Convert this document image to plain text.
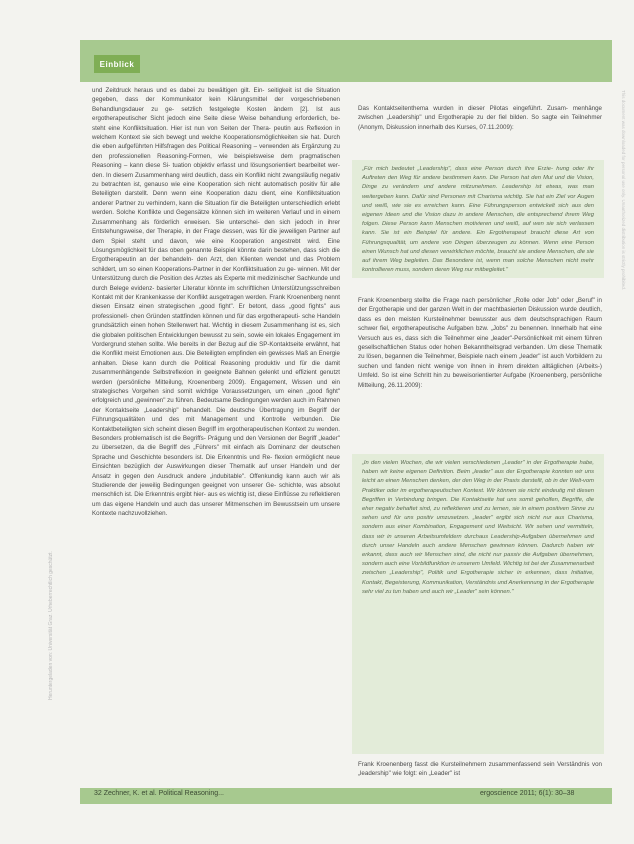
Einblick
Heruntergeladen von: Universität Graz. Urheberrechtlich geschützt.
This document was downloaded for personal use only. Unauthorized distribution is strictly prohibited.

und Zeitdruck heraus und es dabei zu bewältigen gilt. Ein- seitigkeit ist die Situation gegeben, dass der Kommunikator kein Klärungsmittel der vorgeschriebenen Behandlungsdauer zu ge- setzlich festgelegte Kosten ändern [2]. Ist aus ergotherapeutischer Sicht jedoch eine Seite diese Weise behandlung erforderlich, be- steht eine Konfliktsituation. Hier ist nun von Seiten der Thera- peutin aus Reflexion in welchem Kontext sie sich bewegt und welche Kooperationsmöglichkeiten sie hat. Durch die eben aufgeführten Hilfsfragen des Political Reasoning – verwenden als Ergänzung zu den professionellen Reasoning-Formen, wie beispielsweise dem pragmatischen Reasoning – kann diese Si- tuation objektiv erfasst und lösungsorientiert bearbeitet wer- den. In diesem Zusammenhang wird deutlich, dass ein Konflikt nicht zwangsläufig negativ zu betrachten ist, genauso wie eine Kooperation sich nicht automatisch positiv für alle Beteiligten darstellt. Denn wenn eine Kooperation dazu dient, eine Konfliktsituation anderer Partner zu verhindern, kann die Situation für die Beteiligten unterschiedlich erlebt werden. Solche Konflikte und Gegensätze können sich im weiteren Verlauf und in einem Zusammenhang als förderlich erweisen. Sie unterschei- den sich jedoch in ihrer Entstehungsweise, der Therapie, in der Frage dessen, was für die jeweiligen Partner auf dem Spiel steht und davon, wie eine Kooperation angestrebt wird. Eine Lösungsmöglichkeit für das oben genannte Beispiel könnte darin bestehen, dass sich die Ergotherapeutin an der behandeln- den Arzt, den Klienten wendet und das Problem schildert, um so einen Kooperations-Partner in der Konfliktsituation zu ge- winnen. Mit der Unterstützung durch die Position des Arztes als Experte mit medizinischer Sachkunde und durch Belege evidenz- basierter Literatur könnte im schriftlichen Unterstützungsschreiben Kontakt mit der Krankenkasse der Konflikt ausgetragen werden. Frank Kroenenberg nennt diesen Einsatz einen strategischen „good fight". Er betont, dass „good fights" aus professionell- chen Gründen stattfinden können und für das ergotherapeuti- sche Handeln grundsätzlich einen hohen Stellenwert hat. Wichtig in diesem Zusammenhang ist es, sich die globalen politischen Entwicklungen bewusst zu sein, sowie ein lokales Engagement im Vordergrund stehen sollte. Wie bereits in der Bezug auf die SP-Kontaktseite erwähnt, hat die Konflikt meist Emotionen aus. Die Beteiligten empfinden ein gewisses Maß an Energie anhalten. Diese kann durch die Political Reasoning produktiv und für die damit zusammenhängende Selbstreflexion in geeignete Bahnen gelenkt und effizient genutzt werden (persönliche Mitteilung, Kroenenberg 2009). Engagement, Wissen und ein strategisches Vorgehen sind somit wichtige Voraussetzungen, um einen „good fight" erfolgreich und „gewinnen" zu führen. Bedeutsame Bedingungen werden auch im Rahmen der Kontaktseite „Leadership" behandelt. Die deutsche Übertragung im Begriff der Führungsqualitäten und des mit Management und Kontrolle verbunden. Die Kontaktbeteiligten sich scheint diesen Begriff im ergotherapeutischen Kontext zu wenden. Besonders problematisch ist die Begriffs- Prägung und den Versionen der Begriff „leader" zu übersetzen, da die Begriff des „Führers" mit einfach als Dominanz der deutschen Sprache und Geschichte besonders ist. Die Erkenntnis und Re- flexion ermöglicht neue Einsichten bezüglich der Auswirkungen dieser Thematik auf unser Handeln und der Ansatz in gegen den Ausdruck andere „indubitable". Offenkundig kann auch wir als Studierende der jeweilig Bedingungen geeignet von unserer Ge- schichte, was absolut menschlich ist. Die Erkenntnis ergibt hier- aus es wichtig ist, diese Einflüsse zu reflektieren um das eigene Handeln und auch das unserer Mitmenschen im Bewusstsein um unsere Kontexte nachzuvollziehen.

Das Kontaktseitenthema wurden in dieser Pilotas eingeführt. Zusam- menhänge zwischen „Leadership" und Ergotherapie zu der fiel bilden. So sagte ein Teilnehmer (Anonym, Diskussion innerhalb des Kurses, 07.11.2009):

„Für mich bedeutet „Leadership", dass eine Person durch ihre Erzie- hung oder ihr Auftreten den Weg für andere bestimmen kann. Die Person hat den Mut und die Vision, Dinge zu verändern und andere mitzunehmen. Leadership ist etwas, was man weitergeben kann. Dafür sind Personen mit Charisma wichtig. Sie hat ein Ziel vor Augen und weiß, wie sie es erreichen kann. Eine Führungsperson entwickelt sich aus den eigenen Ideen und die Vision dazu in andere Menschen, die entsprechend ihrem Weg folgen. Diese Person kann Menschen motivieren und weiß, auf wen sie sich verlassen kann. Sie ist ein Beispiel für andere. Ein Ergotherapeut braucht diese Art von Führungsqualität, um andere von Dingen überzeugen zu können. Wenn eine Person einen Wunsch hat und diesen verwirklichen möchte, braucht sie andere Menschen, die sie auf ihrem Weg begleiten. Das Besondere ist, wenn man solche Menschen nicht mehr kontrollieren muss, sondern deren Weg nur mitbegleitet."

Frank Kroenenberg stellte die Frage nach persönlicher „Rolle oder Job" oder „Beruf" in der Ergotherapie und der ganzen Welt in der machtbasierten Diskussion wurde deutlich, dass es den meisten Kursteilnehmer bewusster aus dem deutschsprachigen Raum schwer fiel, ergotherapeutische Aufgaben bzw. „Jobs" zu benennen. Innerhalb hat eine Versuch aus es, dass sich die Teilnehmer eine „leader"-Persönlichkeit mit einem führen gesellschaftlichen Status oder hohen Bekanntheitsgrad verbanden. Um diese Thematik zu lösen, begannen die Teilnehmer, Beispiele nach einem „leader" ist auch Vorbildern zu suchen und fanden nicht wenige von ihnen in ihrem direkten alltäglichen (Arbeits-) Umfeld. So ist eine Schritt hin zu beweisorientierter Aufgabe (Kroenenberg, persönliche Mitteilung, 26.11.2009):

„In den vielen Wochen, die wir vielen verschiedenen „Leader" in der Ergotherapie habe, haben wir keine eigenen Definition. Beim „leader" aus der Ergotherapie konnten wir uns leicht an einen Menschen denken, der den Weg in der Praxis darstellt, ob in der Welt-vom Praktiker oder im ergotherapeutischen Kontext. Wir können sie nicht eindeutig mit diesen Begriffen in Verbindung bringen. Die Kontaktseite hat uns somit geholfen, Begriffe, die eher negativ behaftet sind, zu reflektieren und zu lernen, sie in einem positiven Sinne zu sehen und für uns positiv umzusetzen. „leader" ergibt sich nicht nur aus Charisma, sondern aus einer Kombination, Engagement und Weitsicht. Wir sehen und vermitteln, dass wir in unseren Arbeitsumfeldern durchaus Leadership-Aufgaben übernehmen und durch unser Handeln auch andere Menschen gewinnen können. Dadurch haben wir erkannt, dass auch wir Menschen sind, die nicht nur passiv die Aufgaben übernehmen, sondern auch eine Vorbildfunktion in unserem Umfeld. Wichtig ist bei der Zusammenarbeit zwischen „Leadership", Politik und Ergotherapie sicher in erkennen, dass Initiative, Kontakt, Begeisterung, Kommunikation, Verständnis und Anerkennung in der Ergotherapie sehr viel zu tun haben und auch wir „Leader" sein können."

Frank Kroenenberg fasst die Kursteilnehmern zusammenfassend sein Verständnis von „leadership" wie folgt: ein „Leader" ist

32 Zechner, K. et al. Political Reasoning...	ergoscience 2011; 6(1): 30–38
